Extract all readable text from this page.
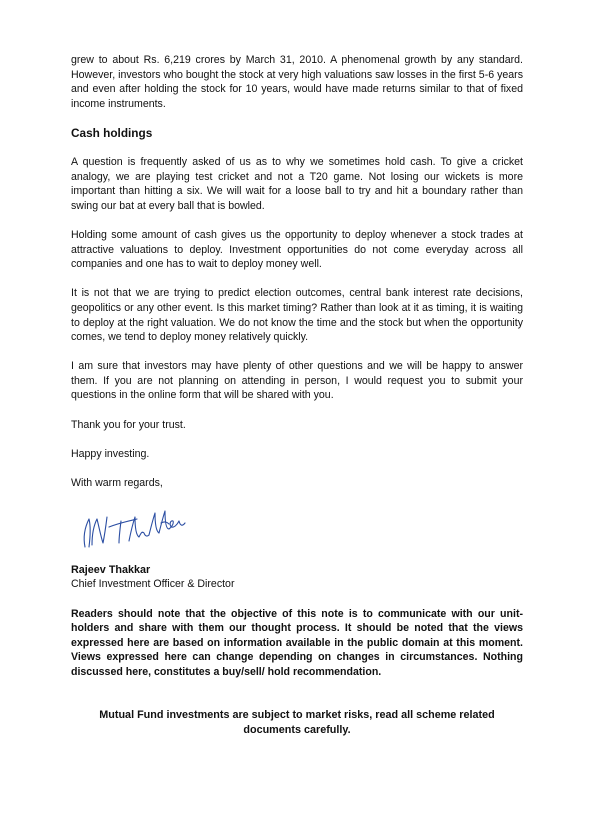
grew to about Rs. 6,219 crores by March 31, 2010. A phenomenal growth by any standard. However, investors who bought the stock at very high valuations saw losses in the first 5-6 years and even after holding the stock for 10 years, would have made returns similar to that of fixed income instruments.

Cash holdings

A question is frequently asked of us as to why we sometimes hold cash. To give a cricket analogy, we are playing test cricket and not a T20 game. Not losing our wickets is more important than hitting a six. We will wait for a loose ball to try and hit a boundary rather than swing our bat at every ball that is bowled.

Holding some amount of cash gives us the opportunity to deploy whenever a stock trades at attractive valuations to deploy. Investment opportunities do not come everyday across all companies and one has to wait to deploy money well.

It is not that we are trying to predict election outcomes, central bank interest rate decisions, geopolitics or any other event. Is this market timing? Rather than look at it as timing, it is waiting to deploy at the right valuation. We do not know the time and the stock but when the opportunity comes, we tend to deploy money relatively quickly.

I am sure that investors may have plenty of other questions and we will be happy to answer them. If you are not planning on attending in person, I would request you to submit your questions in the online form that will be shared with you.

Thank you for your trust.

Happy investing.

With warm regards,

Rajeev Thakkar
Chief Investment Officer & Director
Readers should note that the objective of this note is to communicate with our unit-holders and share with them our thought process. It should be noted that the views expressed here are based on information available in the public domain at this moment. Views expressed here can change depending on changes in circumstances. Nothing discussed here, constitutes a buy/sell/ hold recommendation.
Mutual Fund investments are subject to market risks, read all scheme related documents carefully.
